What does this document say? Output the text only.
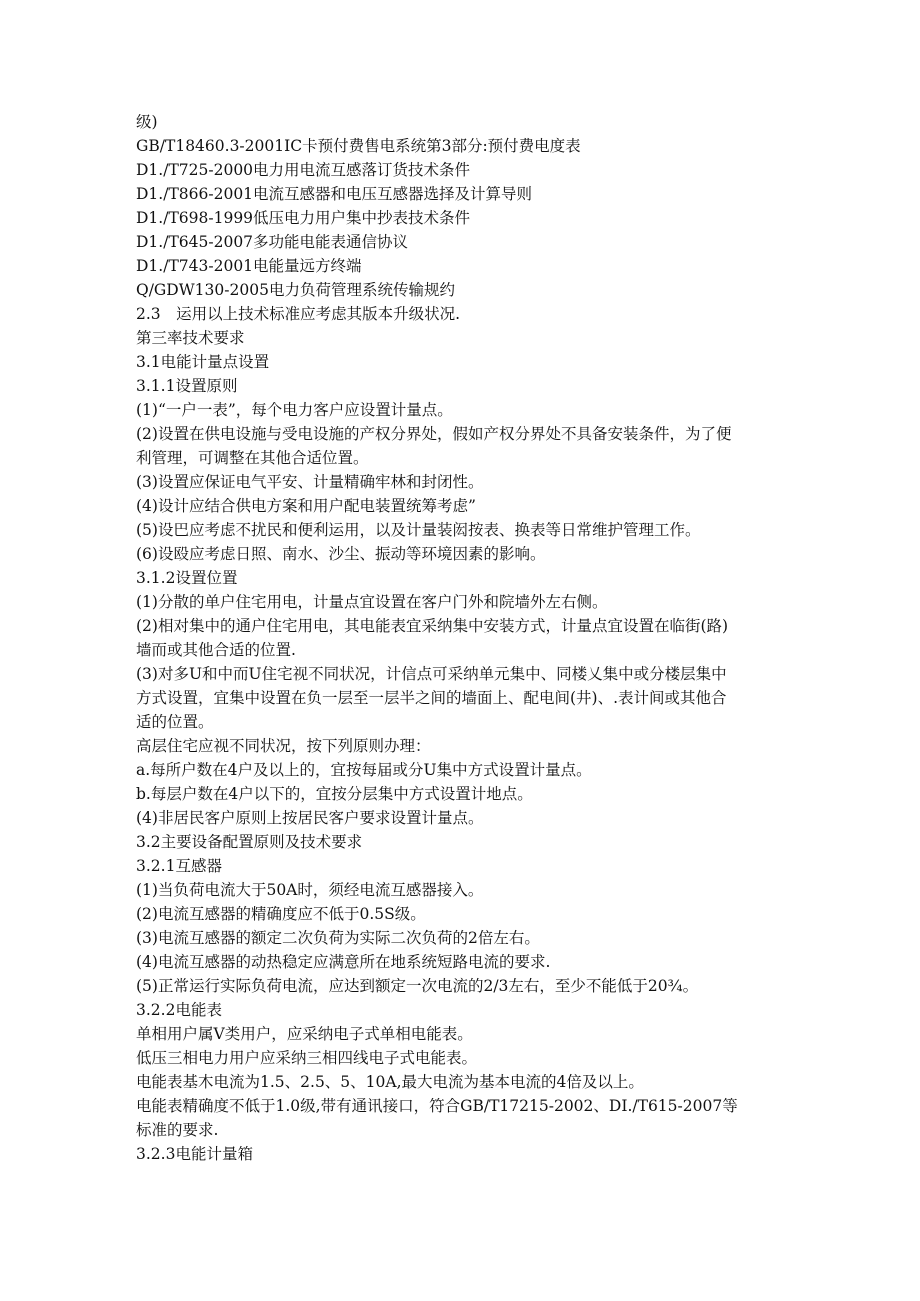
级)

GB/T18460.3-2001IC卡预付费售电系统第3部分:预付费电度表

D1./T725-2000电力用电流互感落订货技术条件

D1./T866-2001电流互感器和电压互感器选择及计算导则

D1./T698-1999低压电力用户集中抄表技术条件

D1./T645-2007多功能电能表通信协议

D1./T743-2001电能量远方终端

Q/GDW130-2005电力负荷管理系统传输规约

2.3　运用以上技术标准应考虑其版本升级状况.

第三率技术要求

3.1电能计量点设置

3.1.1设置原则

(1)“一户一表”，每个电力客户应设置计量点。

(2)设置在供电设施与受电设施的产权分界处，假如产权分界处不具备安装条件，为了便

利管理，可调整在其他合适位置。

(3)设置应保证电气平安、计量精确牢林和封闭性。

(4)设计应结合供电方案和用户配电装置统筹考虑”

(5)设巴应考虑不扰民和便利运用，以及计量装闳按表、换表等日常维护管理工作。

(6)设殴应考虑日照、南水、沙尘、振动等环境因素的影响。

3.1.2设置位置

(1)分散的单户住宅用电，计量点宜设置在客户门外和院墙外左右侧。

(2)相对集中的通户住宅用电，其电能表宜采纳集中安装方式，计量点宜设置在临街(路)

墙而或其他合适的位置.

(3)对多U和中而U住宅视不同状况，计信点可采纳单元集中、同楼乂集中或分楼层集中

方式设置，宜集中设置在负一层至一层半之间的墙面上、配电间(井)、.表计间或其他合

适的位置。

高层住宅应视不同状况，按下列原则办理：

a.每所户数在4户及以上的，宜按每届或分U集中方式设置计量点。

b.每层户数在4户以下的，宜按分层集中方式设置计地点。

(4)非居民客户原则上按居民客户要求设置计量点。

3.2主要设备配置原则及技术要求

3.2.1互感器

(1)当负荷电流大于50A时，须经电流互感器接入。

(2)电流互感器的精确度应不低于0.5S级。

(3)电流互感器的额定二次负荷为实际二次负荷的2倍左右。

(4)电流互感器的动热稳定应满意所在地系统短路电流的要求.

(5)正常运行实际负荷电流，应达到额定一次电流的2/3左右，至少不能低于20¾。

3.2.2电能表

单相用户属V类用户，应采纳电子式单相电能表。

低压三相电力用户应采纳三相四线电子式电能表。

电能表基木电流为1.5、2.5、5、10A,最大电流为基本电流的4倍及以上。

电能表精确度不低于1.0级,带有通讯接口，符合GB/T17215-2002、DI./T615-2007等

标准的要求.

3.2.3电能计量箱
